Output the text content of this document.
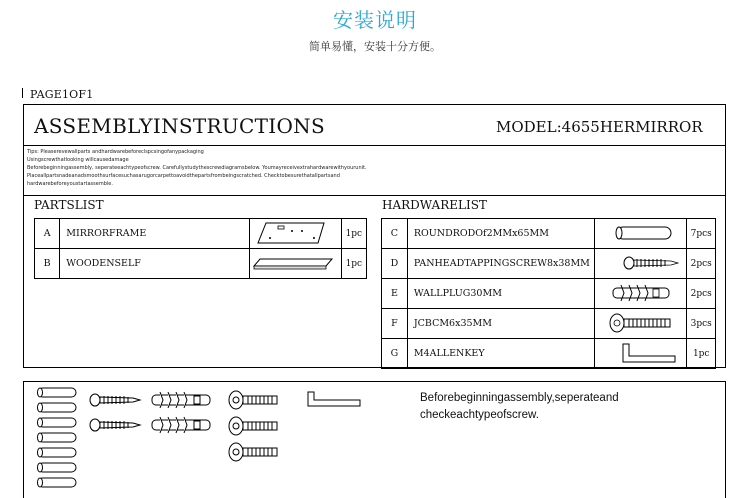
安装说明
简单易懂，安装十分方便。
PAGE1OF1
ASSEMBLYINSTRUCTIONS	MODEL:4655HERMIRROR
Tips: Pleaserevewallparts andhardwarebeforeclspcsingofanypackaging
Usingscrewthatlooking willcausedamage
Beforebeginningassembly, seperateeachtypeofscrew. Carefullystudythescrewdiagramsbelow. Youmayreceivextrahardwarewithyourunit.
Placeallpartsnadeanadsmoothsurfacesuchasarugorcarpettoavoidthepartsfrombeingscratched. Checktobesurethatallpartsand
hardwarebeforeyoustartassemble.
PARTSLIST	HARDWARELIST
A	MIRRORFRAME		1pc
B	WOODENSELF		1pc
C	ROUNDRODOf2MMx65MM		7pcs
D	PANHEADTAPPINGSCREW8x38MM		2pcs
E	WALLPLUG30MM		2pcs
F	JCBCM6x35MM		3pcs
G	M4ALLENKEY		1pc
Beforebeginningassembly,seperateand
checkeachtypeofscrew.
